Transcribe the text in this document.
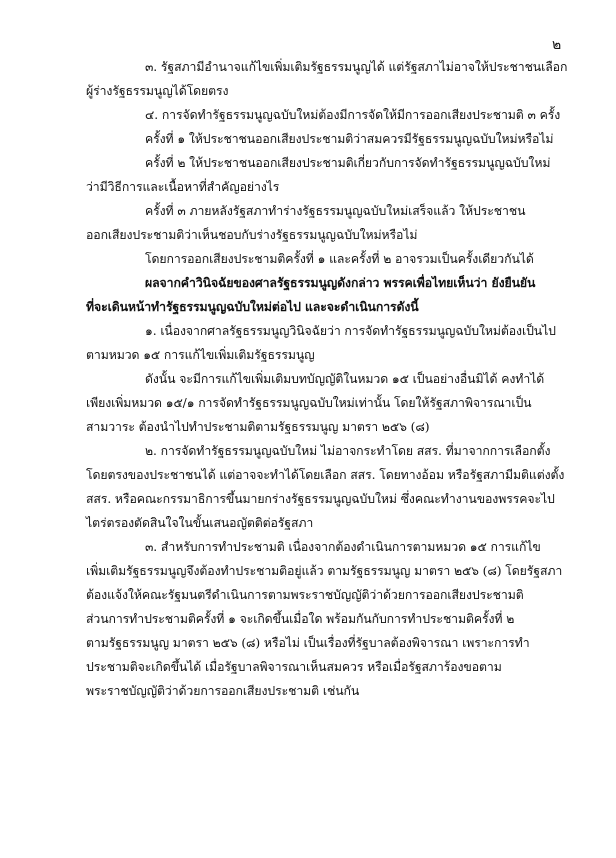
๒
๓. รัฐสภามีอำนาจแก้ไขเพิ่มเติมรัฐธรรมนูญได้ แต่รัฐสภาไม่อาจให้ประชาชนเลือก
ผู้ร่างรัฐธรรมนูญได้โดยตรง
๔. การจัดทำรัฐธรรมนูญฉบับใหม่ต้องมีการจัดให้มีการออกเสียงประชามติ ๓ ครั้ง
ครั้งที่ ๑ ให้ประชาชนออกเสียงประชามติว่าสมควรมีรัฐธรรมนูญฉบับใหม่หรือไม่
ครั้งที่ ๒ ให้ประชาชนออกเสียงประชามติเกี่ยวกับการจัดทำรัฐธรรมนูญฉบับใหม่
ว่ามีวิธีการและเนื้อหาที่สำคัญอย่างไร
ครั้งที่ ๓ ภายหลังรัฐสภาทำร่างรัฐธรรมนูญฉบับใหม่เสร็จแล้ว ให้ประชาชน
ออกเสียงประชามติว่าเห็นชอบกับร่างรัฐธรรมนูญฉบับใหม่หรือไม่
โดยการออกเสียงประชามติครั้งที่ ๑ และครั้งที่ ๒ อาจรวมเป็นครั้งเดียวกันได้
ผลจากคำวินิจฉัยของศาลรัฐธรรมนูญดังกล่าว พรรคเพื่อไทยเห็นว่า ยังยืนยัน
ที่จะเดินหน้าทำรัฐธรรมนูญฉบับใหม่ต่อไป และจะดำเนินการดังนี้
๑. เนื่องจากศาลรัฐธรรมนูญวินิจฉัยว่า การจัดทำรัฐธรรมนูญฉบับใหม่ต้องเป็นไป
ตามหมวด ๑๕ การแก้ไขเพิ่มเติมรัฐธรรมนูญ
ดังนั้น จะมีการแก้ไขเพิ่มเติมบทบัญญัติในหมวด ๑๕ เป็นอย่างอื่นมิได้ คงทำได้
เพียงเพิ่มหมวด ๑๕/๑ การจัดทำรัฐธรรมนูญฉบับใหม่เท่านั้น โดยให้รัฐสภาพิจารณาเป็น
สามวาระ ต้องนำไปทำประชามติตามรัฐธรรมนูญ มาตรา ๒๕๖ (๘)
๒. การจัดทำรัฐธรรมนูญฉบับใหม่ ไม่อาจกระทำโดย สสร. ที่มาจากการเลือกตั้ง
โดยตรงของประชาชนได้ แต่อาจจะทำได้โดยเลือก สสร. โดยทางอ้อม หรือรัฐสภามีมติแต่งตั้ง
สสร. หรือคณะกรรมาธิการขึ้นมายกร่างรัฐธรรมนูญฉบับใหม่ ซึ่งคณะทำงานของพรรคจะไป
ไตร่ตรองตัดสินใจในขั้นเสนอญัตติต่อรัฐสภา
๓. สำหรับการทำประชามติ เนื่องจากต้องดำเนินการตามหมวด ๑๕ การแก้ไข
เพิ่มเติมรัฐธรรมนูญจึงต้องทำประชามติอยู่แล้ว ตามรัฐธรรมนูญ มาตรา ๒๕๖ (๘) โดยรัฐสภา
ต้องแจ้งให้คณะรัฐมนตรีดำเนินการตามพระราชบัญญัติว่าด้วยการออกเสียงประชามติ
ส่วนการทำประชามติครั้งที่ ๑ จะเกิดขึ้นเมื่อใด พร้อมกันกับการทำประชามติครั้งที่ ๒
ตามรัฐธรรมนูญ มาตรา ๒๕๖ (๘) หรือไม่ เป็นเรื่องที่รัฐบาลต้องพิจารณา เพราะการทำ
ประชามติจะเกิดขึ้นได้ เมื่อรัฐบาลพิจารณาเห็นสมควร หรือเมื่อรัฐสภาร้องขอตาม
พระราชบัญญัติว่าด้วยการออกเสียงประชามติ เช่นกัน
